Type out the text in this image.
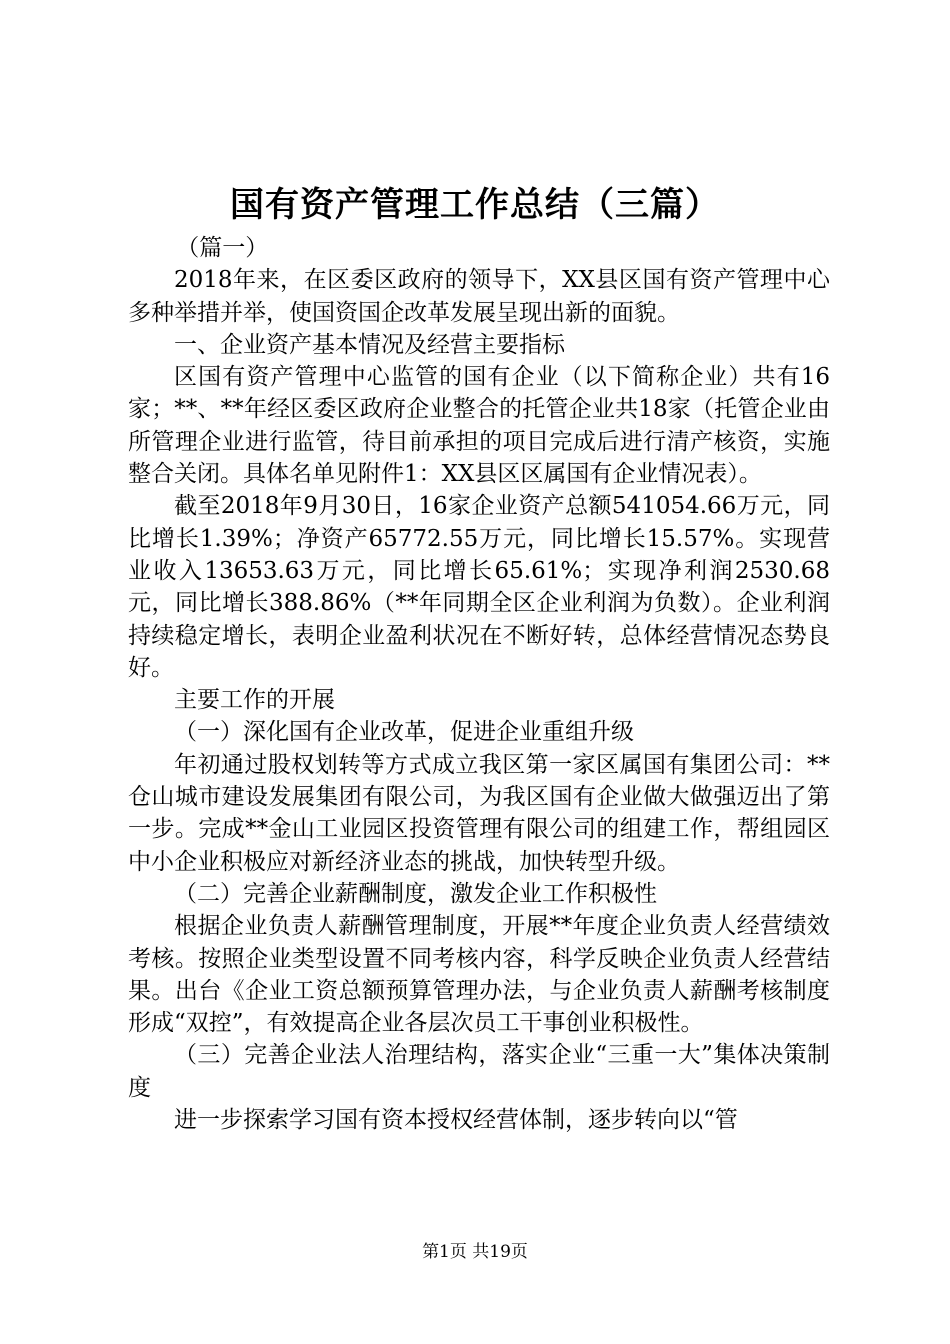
国有资产管理工作总结（三篇）

（篇一）

2018年来，在区委区政府的领导下，XX县区国有资产管理中心多种举措并举，使国资国企改革发展呈现出新的面貌。

一、企业资产基本情况及经营主要指标

区国有资产管理中心监管的国有企业（以下简称企业）共有16家；**、**年经区委区政府企业整合的托管企业共18家（托管企业由所管理企业进行监管，待目前承担的项目完成后进行清产核资，实施整合关闭。具体名单见附件1：XX县区区属国有企业情况表）。

截至2018年9月30日，16家企业资产总额541054.66万元，同比增长1.39%；净资产65772.55万元，同比增长15.57%。实现营业收入13653.63万元，同比增长65.61%；实现净利润2530.68元，同比增长388.86%（**年同期全区企业利润为负数）。企业利润持续稳定增长，表明企业盈利状况在不断好转，总体经营情况态势良好。

主要工作的开展

（一）深化国有企业改革，促进企业重组升级

年初通过股权划转等方式成立我区第一家区属国有集团公司：**仓山城市建设发展集团有限公司，为我区国有企业做大做强迈出了第一步。完成**金山工业园区投资管理有限公司的组建工作，帮组园区中小企业积极应对新经济业态的挑战，加快转型升级。

（二）完善企业薪酬制度，激发企业工作积极性

根据企业负责人薪酬管理制度，开展**年度企业负责人经营绩效考核。按照企业类型设置不同考核内容，科学反映企业负责人经营结果。出台《企业工资总额预算管理办法，与企业负责人薪酬考核制度形成“双控”，有效提高企业各层次员工干事创业积极性。

（三）完善企业法人治理结构，落实企业“三重一大”集体决策制度

进一步探索学习国有资本授权经营体制，逐步转向以“管

第1页 共19页
